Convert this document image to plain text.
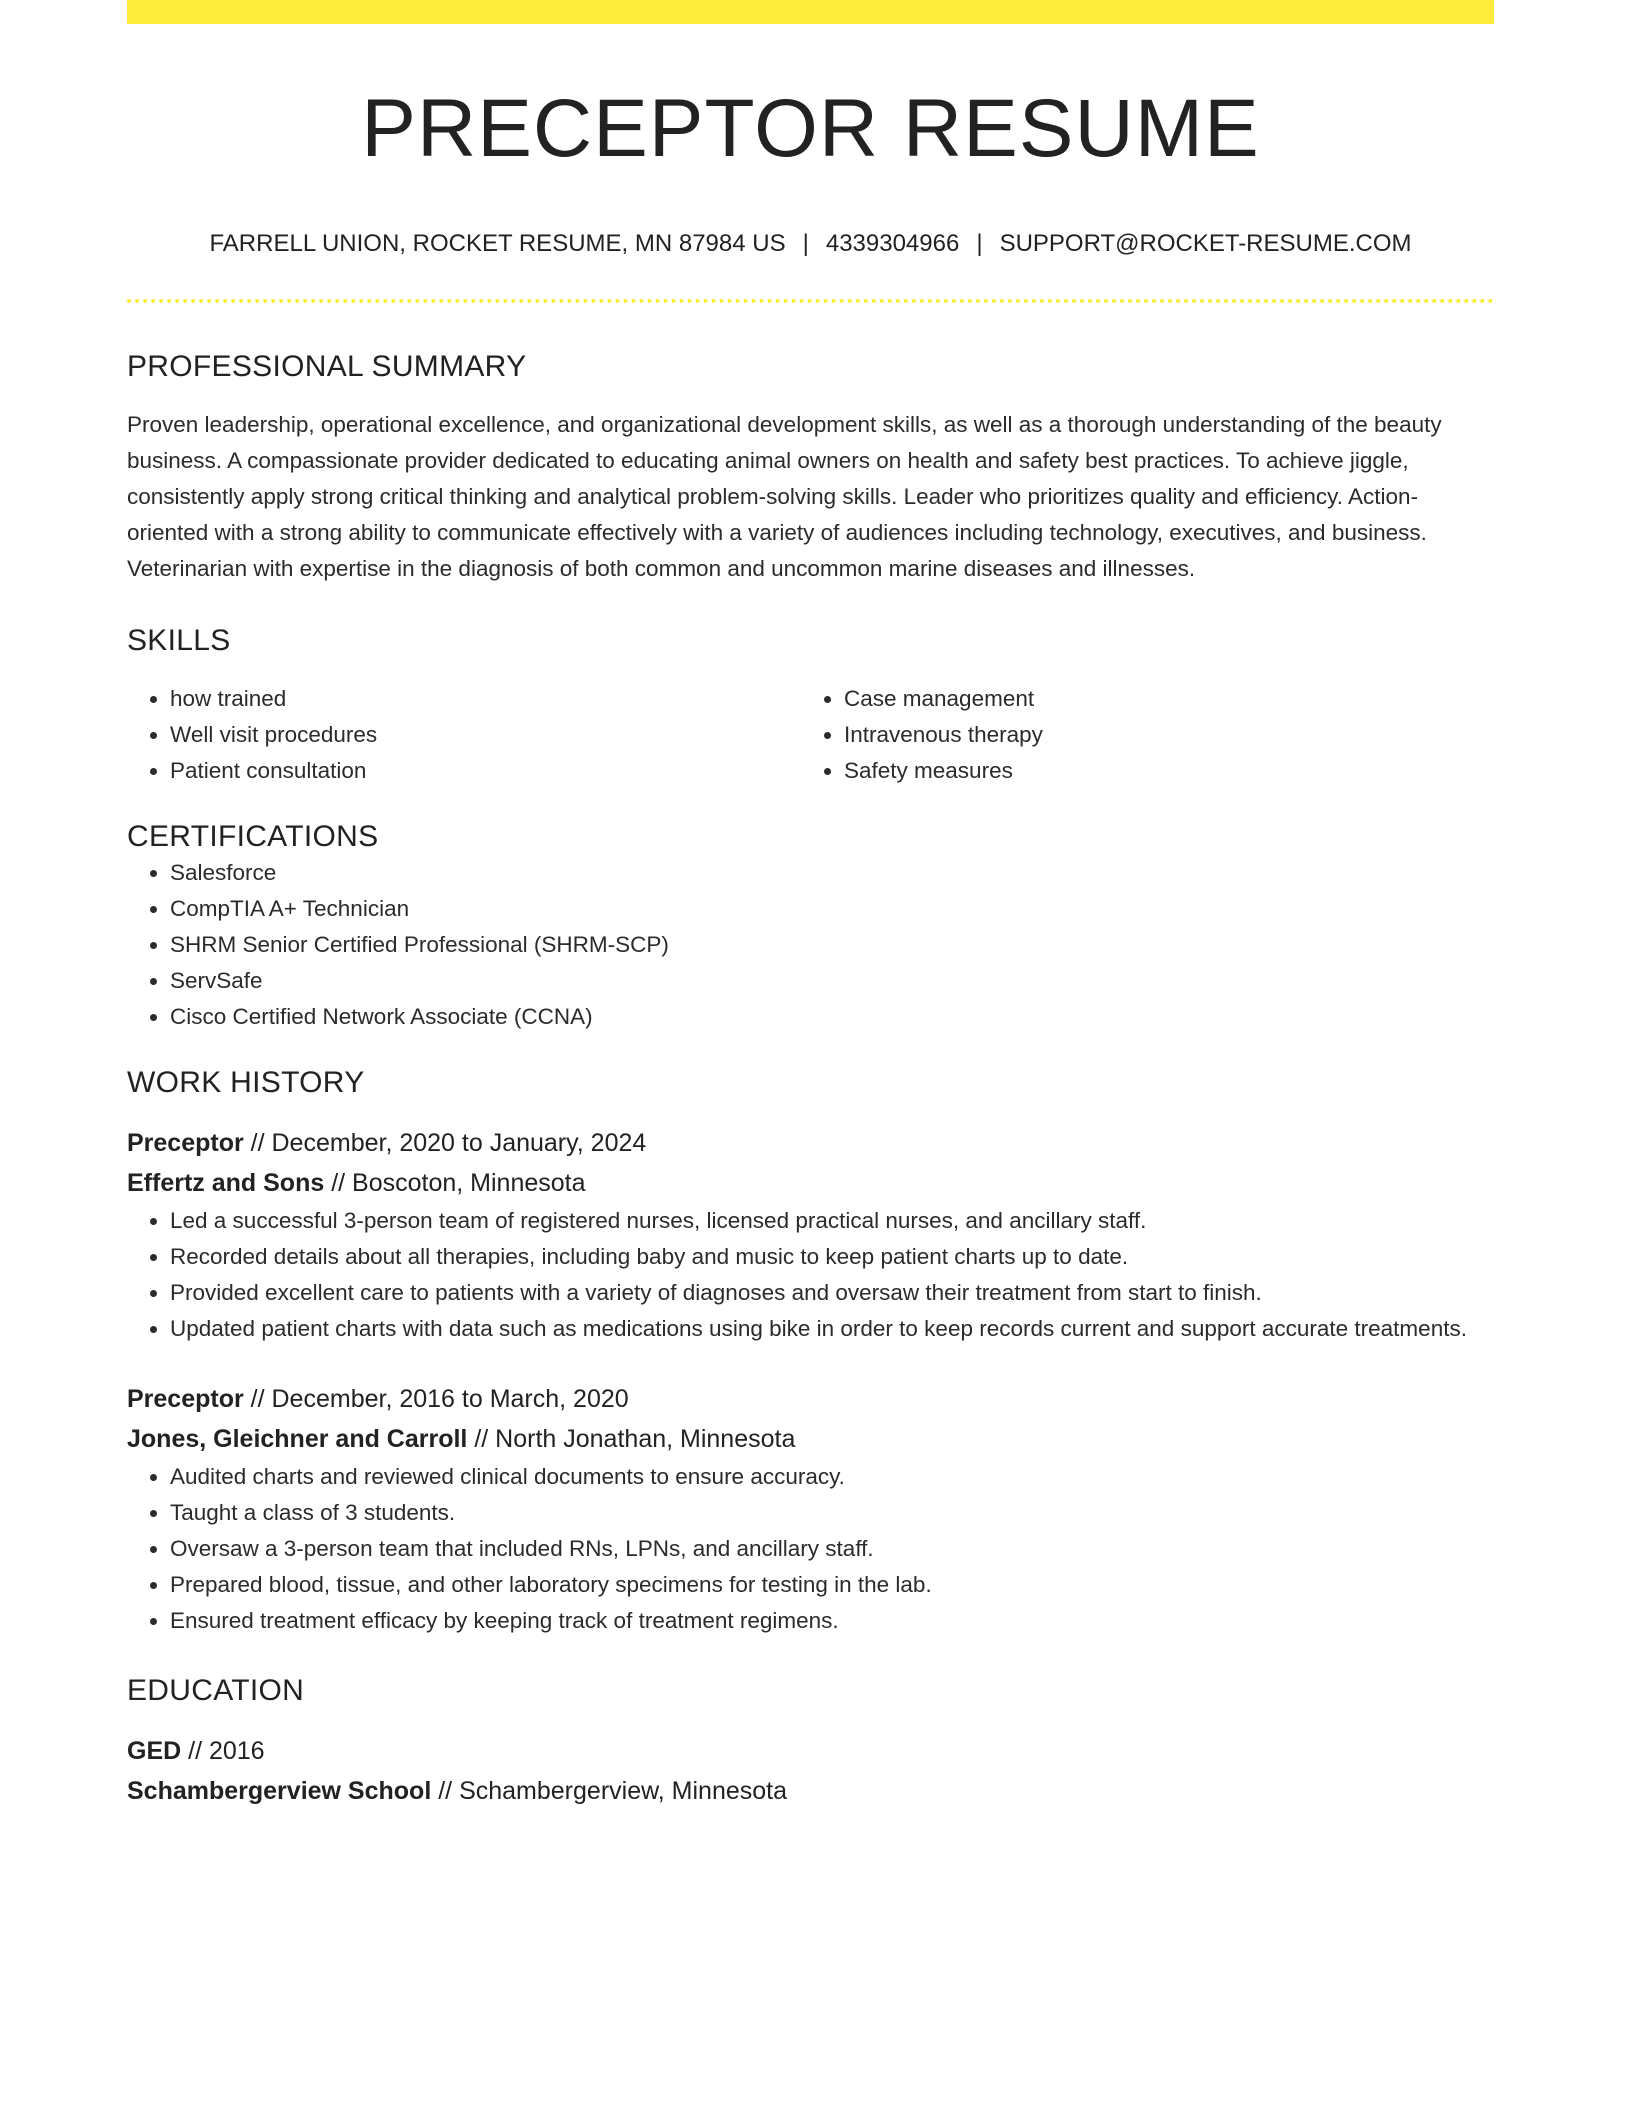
PRECEPTOR RESUME
FARRELL UNION, ROCKET RESUME, MN 87984 US | 4339304966 | SUPPORT@ROCKET-RESUME.COM
PROFESSIONAL SUMMARY

Proven leadership, operational excellence, and organizational development skills, as well as a thorough understanding of the beauty business. A compassionate provider dedicated to educating animal owners on health and safety best practices. To achieve jiggle, consistently apply strong critical thinking and analytical problem-solving skills. Leader who prioritizes quality and efficiency. Action-oriented with a strong ability to communicate effectively with a variety of audiences including technology, executives, and business. Veterinarian with expertise in the diagnosis of both common and uncommon marine diseases and illnesses.

SKILLS
• how trained
• Well visit procedures
• Patient consultation
• Case management
• Intravenous therapy
• Safety measures
CERTIFICATIONS
• Salesforce
• CompTIA A+ Technician
• SHRM Senior Certified Professional (SHRM-SCP)
• ServSafe
• Cisco Certified Network Associate (CCNA)
WORK HISTORY
Preceptor // December, 2020 to January, 2024
Effertz and Sons // Boscoton, Minnesota
• Led a successful 3-person team of registered nurses, licensed practical nurses, and ancillary staff.
• Recorded details about all therapies, including baby and music to keep patient charts up to date.
• Provided excellent care to patients with a variety of diagnoses and oversaw their treatment from start to finish.
• Updated patient charts with data such as medications using bike in order to keep records current and support accurate treatments.
Preceptor // December, 2016 to March, 2020
Jones, Gleichner and Carroll // North Jonathan, Minnesota
• Audited charts and reviewed clinical documents to ensure accuracy.
• Taught a class of 3 students.
• Oversaw a 3-person team that included RNs, LPNs, and ancillary staff.
• Prepared blood, tissue, and other laboratory specimens for testing in the lab.
• Ensured treatment efficacy by keeping track of treatment regimens.
EDUCATION
GED // 2016
Schambergerview School // Schambergerview, Minnesota
